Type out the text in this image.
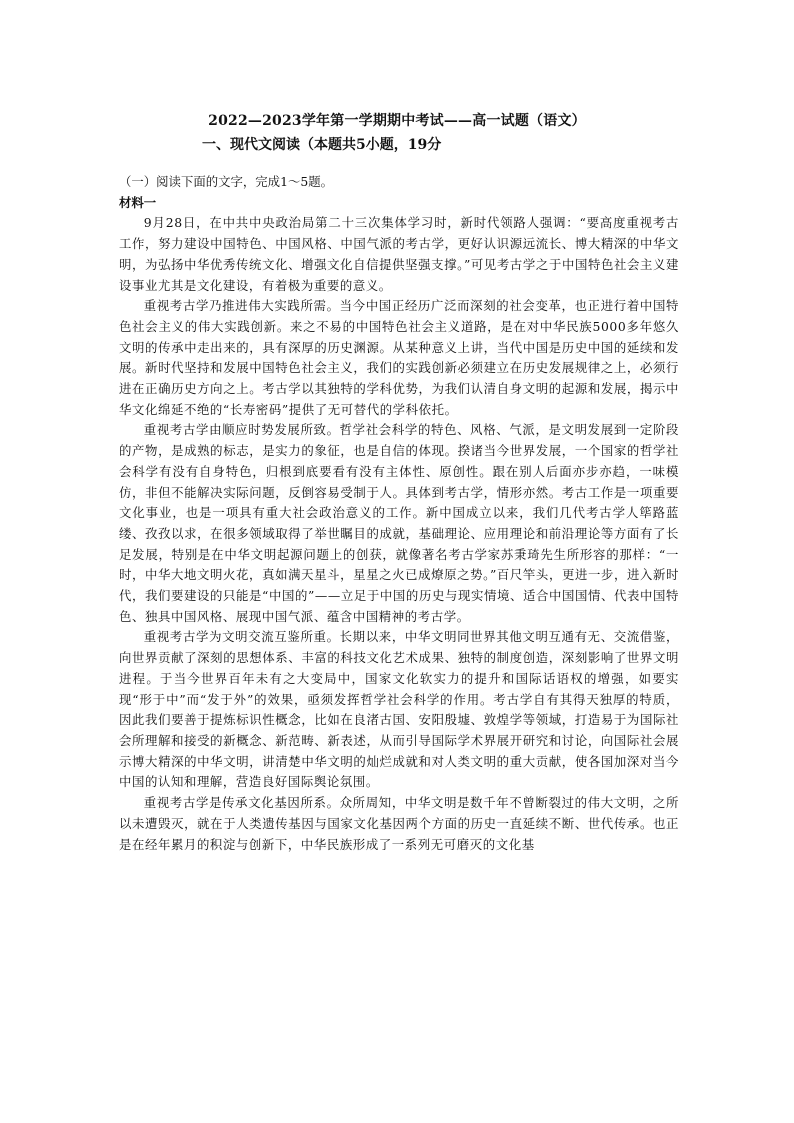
2022—2023学年第一学期期中考试——高一试题（语文）
一、现代文阅读（本题共5小题，19分

（一）阅读下面的文字，完成1～5题。

材料一

9月28日，在中共中央政治局第二十三次集体学习时，新时代领路人强调：“要高度重视考古工作，努力建设中国特色、中国风格、中国气派的考古学，更好认识源远流长、博大精深的中华文明，为弘扬中华优秀传统文化、增强文化自信提供坚强支撑。”可见考古学之于中国特色社会主义建设事业尤其是文化建设，有着极为重要的意义。

重视考古学乃推进伟大实践所需。当今中国正经历广泛而深刻的社会变革，也正进行着中国特色社会主义的伟大实践创新。来之不易的中国特色社会主义道路，是在对中华民族5000多年悠久文明的传承中走出来的，具有深厚的历史渊源。从某种意义上讲，当代中国是历史中国的延续和发展。新时代坚持和发展中国特色社会主义，我们的实践创新必须建立在历史发展规律之上，必须行进在正确历史方向之上。考古学以其独特的学科优势，为我们认清自身文明的起源和发展，揭示中华文化绵延不绝的“长寿密码”提供了无可替代的学科依托。

重视考古学由顺应时势发展所致。哲学社会科学的特色、风格、气派，是文明发展到一定阶段的产物，是成熟的标志，是实力的象征，也是自信的体现。揆诸当今世界发展，一个国家的哲学社会科学有没有自身特色，归根到底要看有没有主体性、原创性。跟在别人后面亦步亦趋，一味模仿，非但不能解决实际问题，反倒容易受制于人。具体到考古学，情形亦然。考古工作是一项重要文化事业，也是一项具有重大社会政治意义的工作。新中国成立以来，我们几代考古学人筚路蓝缕、孜孜以求，在很多领域取得了举世瞩目的成就，基础理论、应用理论和前沿理论等方面有了长足发展，特别是在中华文明起源问题上的创获，就像著名考古学家苏秉琦先生所形容的那样：“一时，中华大地文明火花，真如满天星斗，星星之火已成燎原之势。”百尺竿头，更进一步，进入新时代，我们要建设的只能是“中国的”——立足于中国的历史与现实情境、适合中国国情、代表中国特色、独具中国风格、展现中国气派、蕴含中国精神的考古学。

重视考古学为文明交流互鉴所重。长期以来，中华文明同世界其他文明互通有无、交流借鉴，向世界贡献了深刻的思想体系、丰富的科技文化艺术成果、独特的制度创造，深刻影响了世界文明进程。于当今世界百年未有之大变局中，国家文化软实力的提升和国际话语权的增强，如要实现“形于中”而“发于外”的效果，亟须发挥哲学社会科学的作用。考古学自有其得天独厚的特质，因此我们要善于提炼标识性概念，比如在良渚古国、安阳殷墟、敦煌学等领域，打造易于为国际社会所理解和接受的新概念、新范畴、新表述，从而引导国际学术界展开研究和讨论，向国际社会展示博大精深的中华文明，讲清楚中华文明的灿烂成就和对人类文明的重大贡献，使各国加深对当今中国的认知和理解，营造良好国际舆论氛围。

重视考古学是传承文化基因所系。众所周知，中华文明是数千年不曾断裂过的伟大文明，之所以未遭毁灭，就在于人类遗传基因与国家文化基因两个方面的历史一直延续不断、世代传承。也正是在经年累月的积淀与创新下，中华民族形成了一系列无可磨灭的文化基
